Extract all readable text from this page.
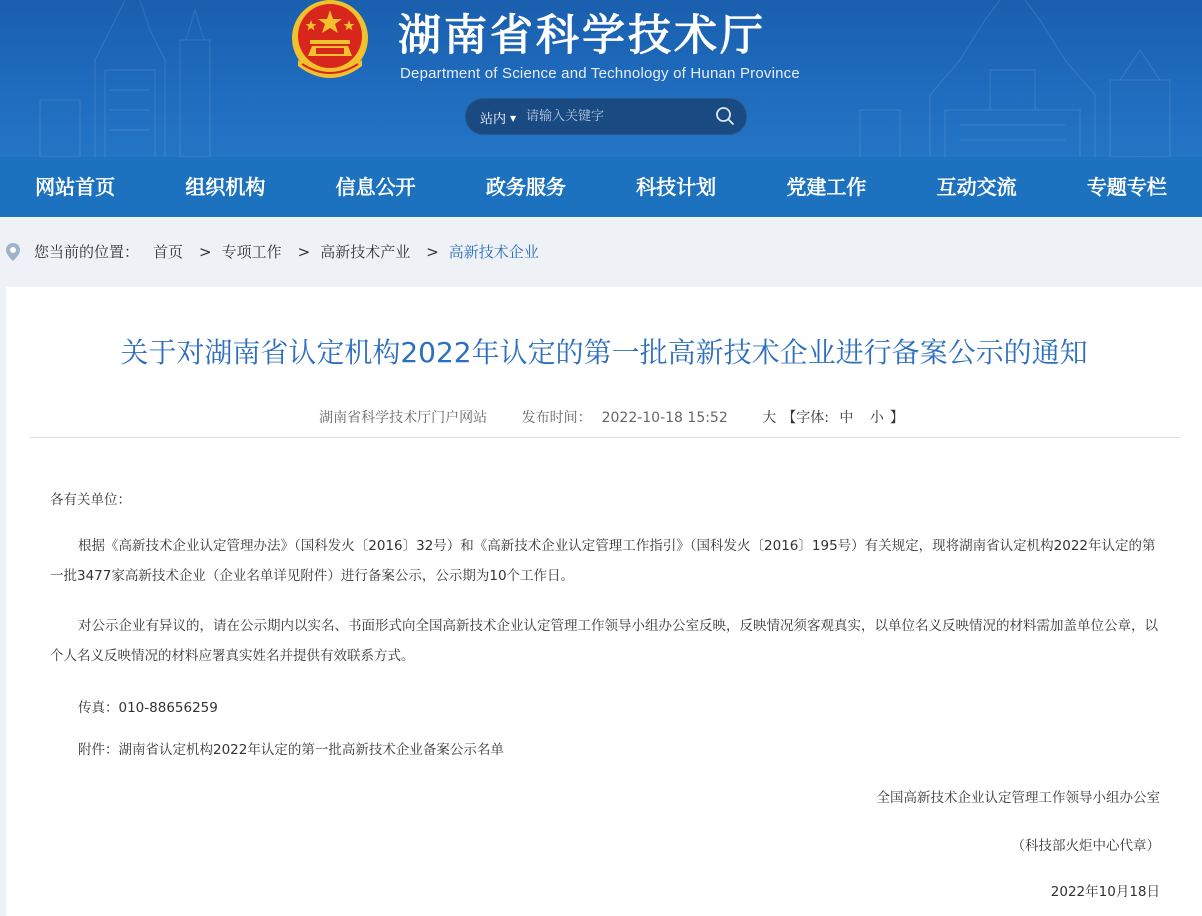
湖南省科学技术厅
Department of Science and Technology of Hunan Province
站内 ▼
请输入关键字
网站首页	组织机构	信息公开	政务服务	科技计划	党建工作	互动交流	专题专栏
您当前的位置： 首页 > 专项工作 > 高新技术产业 > 高新技术企业
关于对湖南省认定机构2022年认定的第一批高新技术企业进行备案公示的通知
湖南省科学技术厅门户网站 发布时间： 2022-10-18 15:52 大 【字体: 中 小 】

各有关单位：

根据《高新技术企业认定管理办法》（国科发火〔2016〕32号）和《高新技术企业认定管理工作指引》（国科发火〔2016〕195号）有关规定，现将湖南省认定机构2022年认定的第一批3477家高新技术企业（企业名单详见附件）进行备案公示，公示期为10个工作日。

对公示企业有异议的，请在公示期内以实名、书面形式向全国高新技术企业认定管理工作领导小组办公室反映，反映情况须客观真实，以单位名义反映情况的材料需加盖单位公章，以个人名义反映情况的材料应署真实姓名并提供有效联系方式。

传真：010-88656259

附件：湖南省认定机构2022年认定的第一批高新技术企业备案公示名单

全国高新技术企业认定管理工作领导小组办公室

（科技部火炬中心代章）

2022年10月18日
